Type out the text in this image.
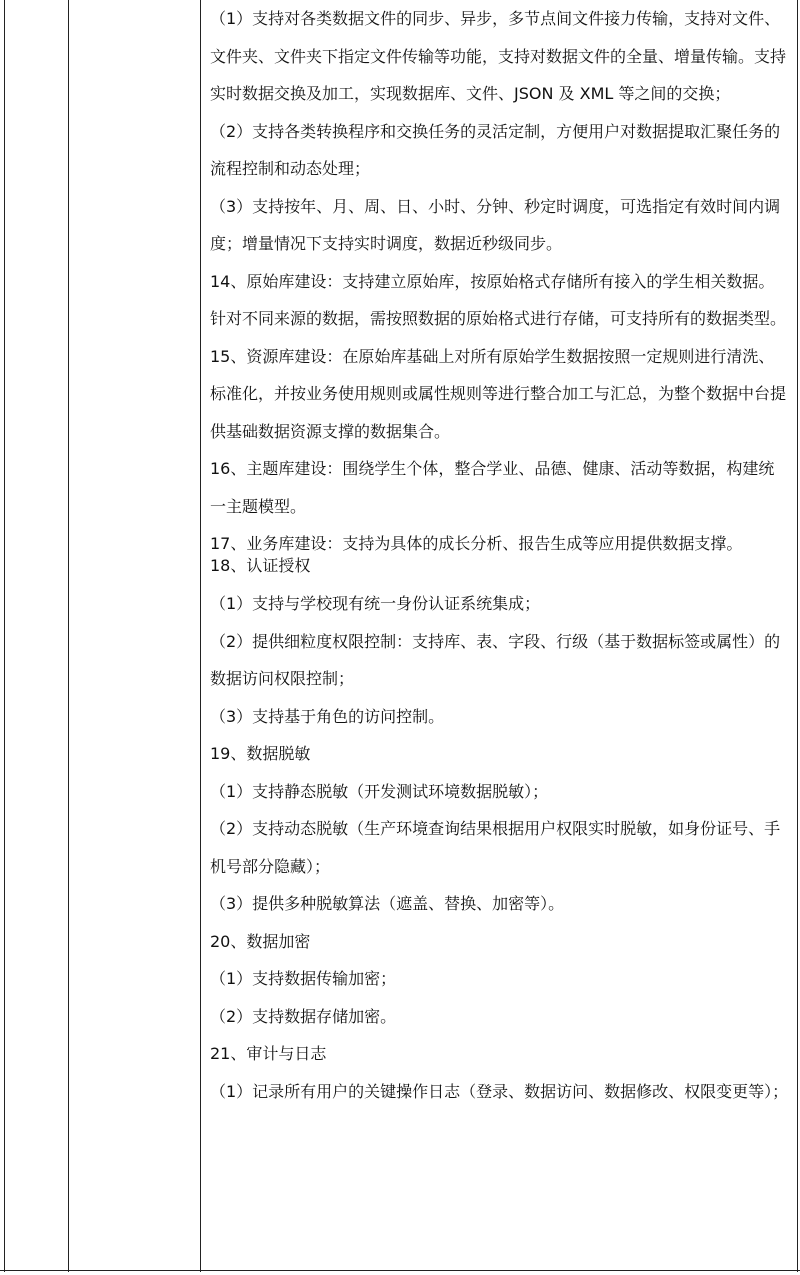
（1）支持对各类数据文件的同步、异步，多节点间文件接力传输，支持对文件、文件夹、文件夹下指定文件传输等功能，支持对数据文件的全量、增量传输。支持实时数据交换及加工，实现数据库、文件、JSON 及 XML 等之间的交换；
（2）支持各类转换程序和交换任务的灵活定制，方便用户对数据提取汇聚任务的流程控制和动态处理；
（3）支持按年、月、周、日、小时、分钟、秒定时调度，可选指定有效时间内调度；增量情况下支持实时调度，数据近秒级同步。
14、原始库建设：支持建立原始库，按原始格式存储所有接入的学生相关数据。针对不同来源的数据，需按照数据的原始格式进行存储，可支持所有的数据类型。
15、资源库建设：在原始库基础上对所有原始学生数据按照一定规则进行清洗、标准化，并按业务使用规则或属性规则等进行整合加工与汇总，为整个数据中台提供基础数据资源支撑的数据集合。
16、主题库建设：围绕学生个体，整合学业、品德、健康、活动等数据，构建统一主题模型。
17、业务库建设：支持为具体的成长分析、报告生成等应用提供数据支撑。
18、认证授权
（1）支持与学校现有统一身份认证系统集成；
（2）提供细粒度权限控制：支持库、表、字段、行级（基于数据标签或属性）的数据访问权限控制；
（3）支持基于角色的访问控制。
19、数据脱敏
（1）支持静态脱敏（开发测试环境数据脱敏）；
（2）支持动态脱敏（生产环境查询结果根据用户权限实时脱敏，如身份证号、手机号部分隐藏）；
（3）提供多种脱敏算法（遮盖、替换、加密等）。
20、数据加密
（1）支持数据传输加密；
（2）支持数据存储加密。
21、审计与日志
（1）记录所有用户的关键操作日志（登录、数据访问、数据修改、权限变更等）；
